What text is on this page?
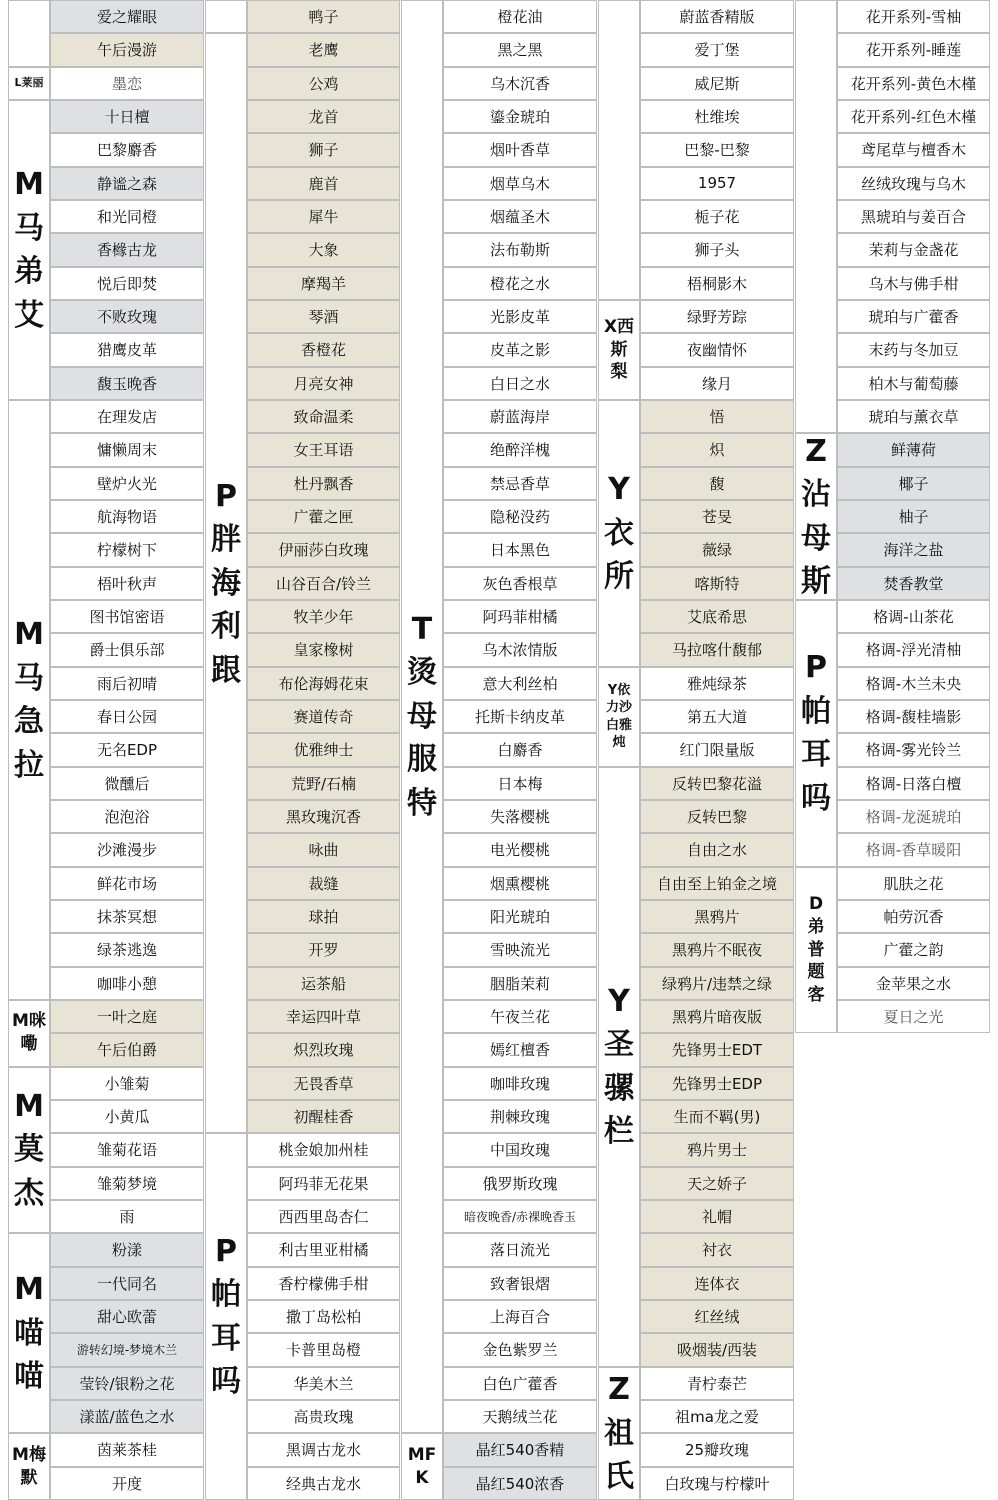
L莱丽
M
马
弟
艾
M
马
急
拉
M咪
嘞
M
莫
杰
M
喵
喵
M梅
默
爱之耀眼
午后漫游
墨恋
十日檀
巴黎麝香
静谧之森
和光同橙
香橼古龙
悦后即焚
不败玫瑰
猎鹰皮革
馥玉晚香
在理发店
慵懒周末
壁炉火光
航海物语
柠檬树下
梧叶秋声
图书馆密语
爵士俱乐部
雨后初晴
春日公园
无名EDP
微醺后
泡泡浴
沙滩漫步
鲜花市场
抹茶冥想
绿茶逃逸
咖啡小憩
一叶之庭
午后伯爵
小雏菊
小黄瓜
雏菊花语
雏菊梦境
雨
粉漾
一代同名
甜心欧蕾
游转幻境-梦境木兰
莹铃/银粉之花
漾蓝/蓝色之水
茵莱茶桂
开度
P
胖
海
利
跟
P
帕
耳
吗
鸭子
老鹰
公鸡
龙首
狮子
鹿首
犀牛
大象
摩羯羊
琴酒
香橙花
月亮女神
致命温柔
女王耳语
杜丹飘香
广藿之匣
伊丽莎白玫瑰
山谷百合/铃兰
牧羊少年
皇家橡树
布伦海姆花束
赛道传奇
优雅绅士
荒野/石楠
黑玫瑰沉香
咏曲
裁缝
球拍
开罗
运茶船
幸运四叶草
炽烈玫瑰
无畏香草
初醒桂香
桃金娘加州桂
阿玛菲无花果
西西里岛杏仁
利古里亚柑橘
香柠檬佛手柑
撒丁岛松柏
卡普里岛橙
华美木兰
高贵玫瑰
黑调古龙水
经典古龙水
T
烫
母
服
特
MF
K
橙花油
黑之黑
乌木沉香
鎏金琥珀
烟叶香草
烟草乌木
烟蕴圣木
法布勒斯
橙花之水
光影皮革
皮革之影
白日之水
蔚蓝海岸
绝醉洋槐
禁忌香草
隐秘没药
日本黑色
灰色香根草
阿玛菲柑橘
乌木浓情版
意大利丝柏
托斯卡纳皮革
白麝香
日本梅
失落樱桃
电光樱桃
烟熏樱桃
阳光琥珀
雪映流光
胭脂茉莉
午夜兰花
嫣红檀香
咖啡玫瑰
荆棘玫瑰
中国玫瑰
俄罗斯玫瑰
暗夜晚香/赤裸晚香玉
落日流光
致奢银熠
上海百合
金色紫罗兰
白色广藿香
天鹅绒兰花
晶红540香精
晶红540浓香
X西
斯
梨
Y
衣
所
Y依
力沙
白雅
炖
Y
圣
骡
栏
Z
祖
氏
蔚蓝香精版
爱丁堡
威尼斯
杜维埃
巴黎-巴黎
1957
栀子花
狮子头
梧桐影木
绿野芳踪
夜幽情怀
缘月
悟
炽
馥
苍旻
薇绿
喀斯特
艾底希思
马拉喀什馥郁
雅炖绿茶
第五大道
红门限量版
反转巴黎花溢
反转巴黎
自由之水
自由至上铂金之境
黑鸦片
黑鸦片不眠夜
绿鸦片/违禁之绿
黑鸦片暗夜版
先锋男士EDT
先锋男士EDP
生而不羁(男)
鸦片男士
天之娇子
礼帽
衬衣
连体衣
红丝绒
吸烟装/西装
青柠泰芒
祖ma龙之爱
25瓣玫瑰
白玫瑰与柠檬叶
Z
沾
母
斯
P
帕
耳
吗
D
弟
普
题
客
花开系列-雪柚
花开系列-睡莲
花开系列-黄色木槿
花开系列-红色木槿
鸢尾草与檀香木
丝绒玫瑰与乌木
黑琥珀与姜百合
茉莉与金盏花
乌木与佛手柑
琥珀与广藿香
末药与冬加豆
柏木与葡萄藤
琥珀与薰衣草
鲜薄荷
椰子
柚子
海洋之盐
焚香教堂
格调-山茶花
格调-浮光清柚
格调-木兰未央
格调-馥桂墙影
格调-雾光铃兰
格调-日落白檀
格调-龙涎琥珀
格调-香草暖阳
肌肤之花
帕劳沉香
广藿之韵
金苹果之水
夏日之光
